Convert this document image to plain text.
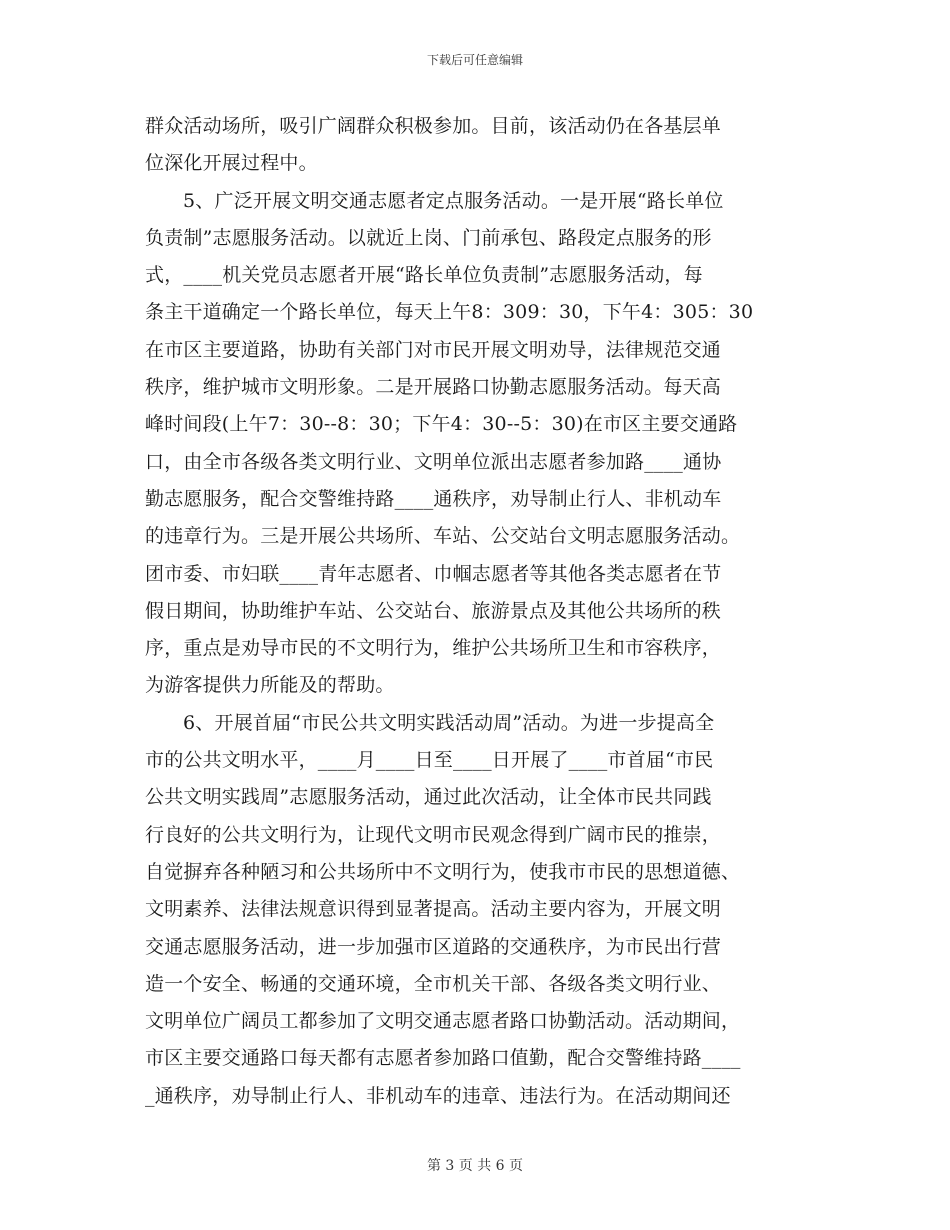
下载后可任意编辑
群众活动场所，吸引广阔群众积极参加。目前，该活动仍在各基层单
位深化开展过程中。
5、广泛开展文明交通志愿者定点服务活动。一是开展“路长单位
负责制”志愿服务活动。以就近上岗、门前承包、路段定点服务的形
式，____机关党员志愿者开展“路长单位负责制”志愿服务活动，每
条主干道确定一个路长单位，每天上午8：309：30，下午4：305：30
在市区主要道路，协助有关部门对市民开展文明劝导，法律规范交通
秩序，维护城市文明形象。二是开展路口协勤志愿服务活动。每天高
峰时间段(上午7：30--8：30；下午4：30--5：30)在市区主要交通路
口，由全市各级各类文明行业、文明单位派出志愿者参加路____通协
勤志愿服务，配合交警维持路____通秩序，劝导制止行人、非机动车
的违章行为。三是开展公共场所、车站、公交站台文明志愿服务活动。
团市委、市妇联____青年志愿者、巾帼志愿者等其他各类志愿者在节
假日期间，协助维护车站、公交站台、旅游景点及其他公共场所的秩
序，重点是劝导市民的不文明行为，维护公共场所卫生和市容秩序，
为游客提供力所能及的帮助。
6、开展首届“市民公共文明实践活动周”活动。为进一步提高全
市的公共文明水平，____月____日至____日开展了____市首届“市民
公共文明实践周”志愿服务活动，通过此次活动，让全体市民共同践
行良好的公共文明行为，让现代文明市民观念得到广阔市民的推崇，
自觉摒弃各种陋习和公共场所中不文明行为，使我市市民的思想道德、
文明素养、法律法规意识得到显著提高。活动主要内容为，开展文明
交通志愿服务活动，进一步加强市区道路的交通秩序，为市民出行营
造一个安全、畅通的交通环境，全市机关干部、各级各类文明行业、
文明单位广阔员工都参加了文明交通志愿者路口协勤活动。活动期间，
市区主要交通路口每天都有志愿者参加路口值勤，配合交警维持路____
_通秩序，劝导制止行人、非机动车的违章、违法行为。在活动期间还
第 3 页 共 6 页
